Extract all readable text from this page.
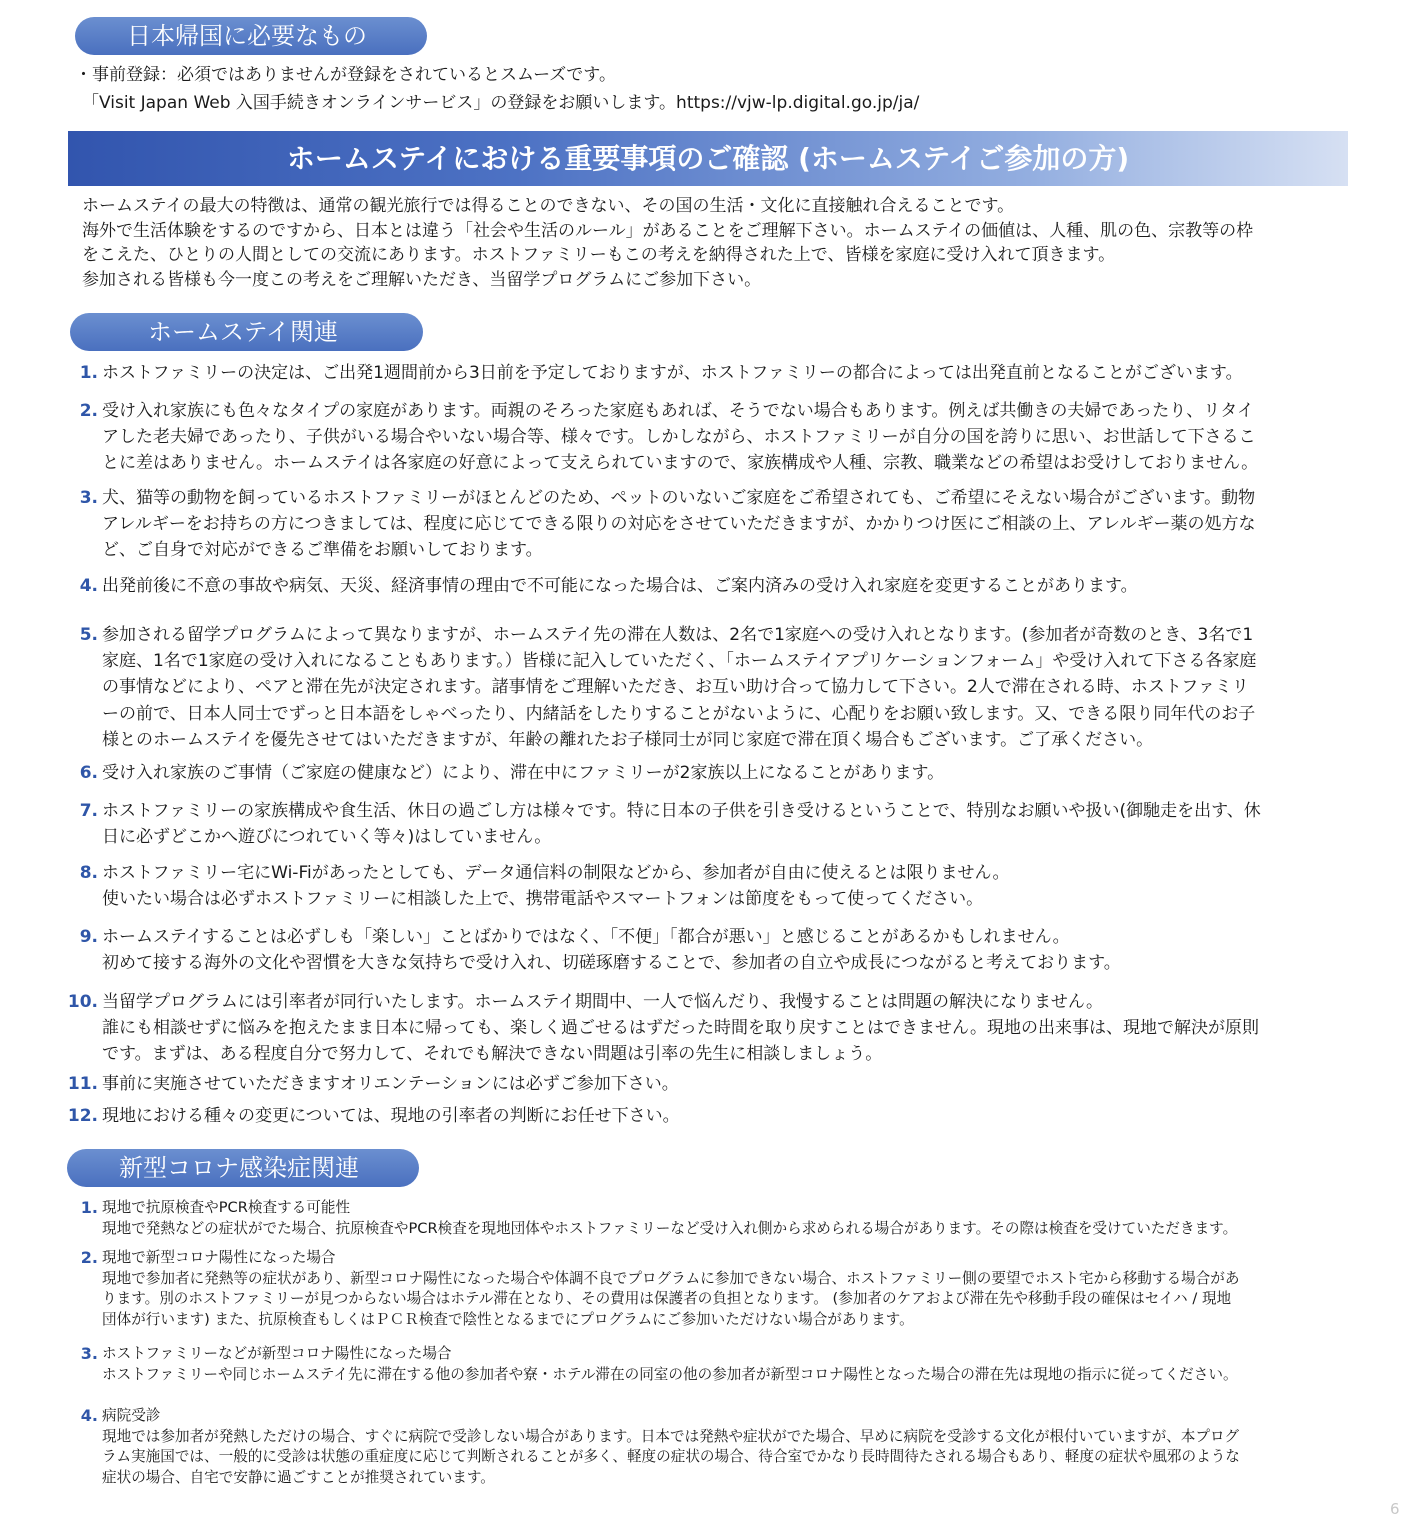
日本帰国に必要なもの
・事前登録：必須ではありませんが登録をされているとスムーズです。
「Visit Japan Web 入国手続きオンラインサービス」の登録をお願いします。https://vjw-lp.digital.go.jp/ja/
ホームステイにおける重要事項のご確認 (ホームステイご参加の方)
ホームステイの最大の特徴は、通常の観光旅行では得ることのできない、その国の生活・文化に直接触れ合えることです。
海外で生活体験をするのですから、日本とは違う「社会や生活のルール」があることをご理解下さい。ホームステイの価値は、人種、肌の色、宗教等の枠
をこえた、ひとりの人間としての交流にあります。ホストファミリーもこの考えを納得された上で、皆様を家庭に受け入れて頂きます。
参加される皆様も今一度この考えをご理解いただき、当留学プログラムにご参加下さい。
ホームステイ関連
1. ホストファミリーの決定は、ご出発1週間前から3日前を予定しておりますが、ホストファミリーの都合によっては出発直前となることがございます。
2. 受け入れ家族にも色々なタイプの家庭があります。両親のそろった家庭もあれば、そうでない場合もあります。例えば共働きの夫婦であったり、リタイ
アした老夫婦であったり、子供がいる場合やいない場合等、様々です。しかしながら、ホストファミリーが自分の国を誇りに思い、お世話して下さるこ
とに差はありません。ホームステイは各家庭の好意によって支えられていますので、家族構成や人種、宗教、職業などの希望はお受けしておりません。
3. 犬、猫等の動物を飼っているホストファミリーがほとんどのため、ペットのいないご家庭をご希望されても、ご希望にそえない場合がございます。動物
アレルギーをお持ちの方につきましては、程度に応じてできる限りの対応をさせていただきますが、かかりつけ医にご相談の上、アレルギー薬の処方な
ど、ご自身で対応ができるご準備をお願いしております。
4. 出発前後に不意の事故や病気、天災、経済事情の理由で不可能になった場合は、ご案内済みの受け入れ家庭を変更することがあります。
5. 参加される留学プログラムによって異なりますが、ホームステイ先の滞在人数は、2名で1家庭への受け入れとなります。(参加者が奇数のとき、3名で1
家庭、1名で1家庭の受け入れになることもあります。）皆様に記入していただく、「ホームステイアプリケーションフォーム」や受け入れて下さる各家庭
の事情などにより、ペアと滞在先が決定されます。諸事情をご理解いただき、お互い助け合って協力して下さい。2人で滞在される時、ホストファミリ
ーの前で、日本人同士でずっと日本語をしゃべったり、内緒話をしたりすることがないように、心配りをお願い致します。又、できる限り同年代のお子
様とのホームステイを優先させてはいただきますが、年齢の離れたお子様同士が同じ家庭で滞在頂く場合もございます。ご了承ください。
6. 受け入れ家族のご事情（ご家庭の健康など）により、滞在中にファミリーが2家族以上になることがあります。
7. ホストファミリーの家族構成や食生活、休日の過ごし方は様々です。特に日本の子供を引き受けるということで、特別なお願いや扱い(御馳走を出す、休
日に必ずどこかへ遊びにつれていく等々)はしていません。
8. ホストファミリー宅にWi-Fiがあったとしても、データ通信料の制限などから、参加者が自由に使えるとは限りません。
使いたい場合は必ずホストファミリーに相談した上で、携帯電話やスマートフォンは節度をもって使ってください。
9. ホームステイすることは必ずしも「楽しい」ことばかりではなく、「不便」「都合が悪い」と感じることがあるかもしれません。
初めて接する海外の文化や習慣を大きな気持ちで受け入れ、切磋琢磨することで、参加者の自立や成長につながると考えております。
10. 当留学プログラムには引率者が同行いたします。ホームステイ期間中、一人で悩んだり、我慢することは問題の解決になりません。
誰にも相談せずに悩みを抱えたまま日本に帰っても、楽しく過ごせるはずだった時間を取り戻すことはできません。現地の出来事は、現地で解決が原則
です。まずは、ある程度自分で努力して、それでも解決できない問題は引率の先生に相談しましょう。
11. 事前に実施させていただきますオリエンテーションには必ずご参加下さい。
12. 現地における種々の変更については、現地の引率者の判断にお任せ下さい。
新型コロナ感染症関連
1. 現地で抗原検査やPCR検査する可能性
現地で発熱などの症状がでた場合、抗原検査やPCR検査を現地団体やホストファミリーなど受け入れ側から求められる場合があります。その際は検査を受けていただきます。
2. 現地で新型コロナ陽性になった場合
現地で参加者に発熱等の症状があり、新型コロナ陽性になった場合や体調不良でプログラムに参加できない場合、ホストファミリー側の要望でホスト宅から移動する場合があ
ります。別のホストファミリーが見つからない場合はホテル滞在となり、その費用は保護者の負担となります。 (参加者のケアおよび滞在先や移動手段の確保はセイハ / 現地
団体が行います) また、抗原検査もしくはＰＣＲ検査で陰性となるまでにプログラムにご参加いただけない場合があります。
3. ホストファミリーなどが新型コロナ陽性になった場合
ホストファミリーや同じホームステイ先に滞在する他の参加者や寮・ホテル滞在の同室の他の参加者が新型コロナ陽性となった場合の滞在先は現地の指示に従ってください。
4. 病院受診
現地では参加者が発熱しただけの場合、すぐに病院で受診しない場合があります。日本では発熱や症状がでた場合、早めに病院を受診する文化が根付いていますが、本プログ
ラム実施国では、一般的に受診は状態の重症度に応じて判断されることが多く、軽度の症状の場合、待合室でかなり長時間待たされる場合もあり、軽度の症状や風邪のような
症状の場合、自宅で安静に過ごすことが推奨されています。
6
